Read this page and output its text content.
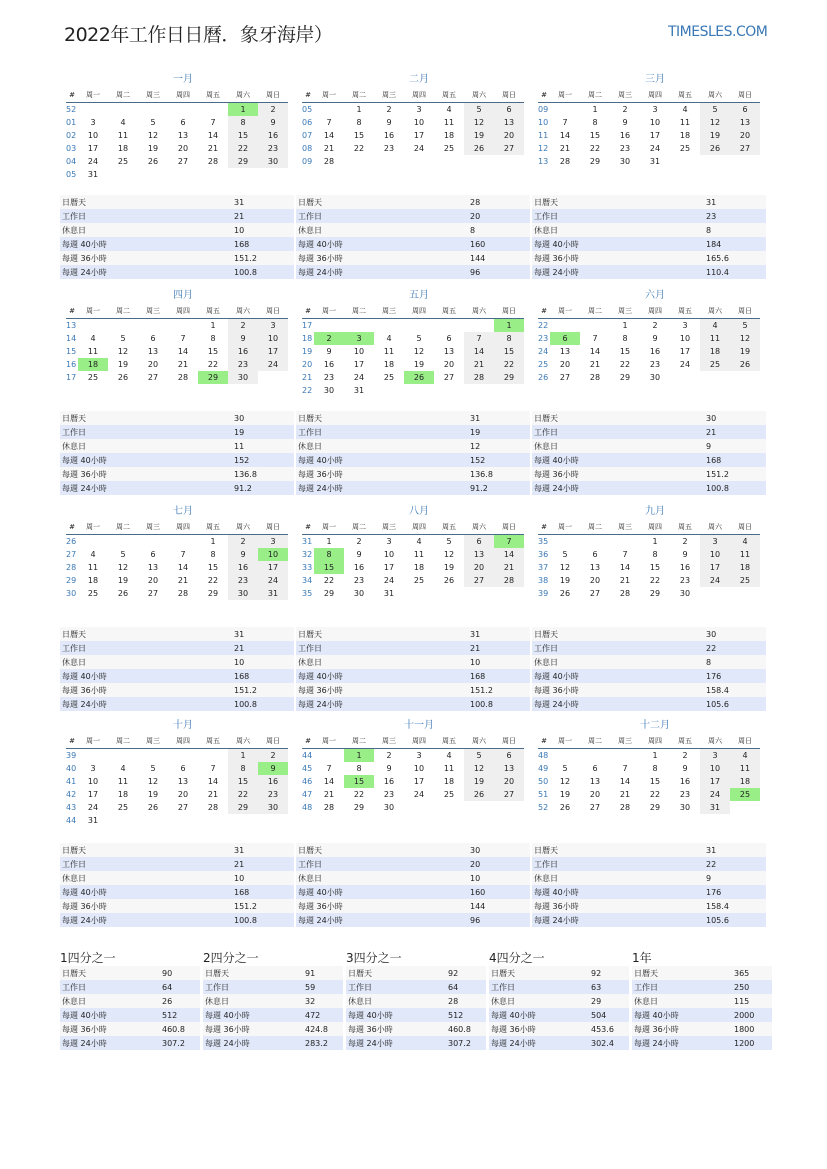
2022年工作日日曆．象牙海岸）	TIMESLES.COM
一月
#	周一	周二	周三	周四	周五	周六	周日
52						1	2
01	3	4	5	6	7	8	9
02	10	11	12	13	14	15	16
03	17	18	19	20	21	22	23
04	24	25	26	27	28	29	30
05	31						
日曆天	31
工作日	21
休息日	10
每週 40小時	168
每週 36小時	151.2
每週 24小時	100.8
二月
#	周一	周二	周三	周四	周五	周六	周日
05		1	2	3	4	5	6
06	7	8	9	10	11	12	13
07	14	15	16	17	18	19	20
08	21	22	23	24	25	26	27
09	28						
日曆天	28
工作日	20
休息日	8
每週 40小時	160
每週 36小時	144
每週 24小時	96
三月
#	周一	周二	周三	周四	周五	周六	周日
09		1	2	3	4	5	6
10	7	8	9	10	11	12	13
11	14	15	16	17	18	19	20
12	21	22	23	24	25	26	27
13	28	29	30	31			
日曆天	31
工作日	23
休息日	8
每週 40小時	184
每週 36小時	165.6
每週 24小時	110.4
四月
#	周一	周二	周三	周四	周五	周六	周日
13					1	2	3
14	4	5	6	7	8	9	10
15	11	12	13	14	15	16	17
16	18	19	20	21	22	23	24
17	25	26	27	28	29	30	
日曆天	30
工作日	19
休息日	11
每週 40小時	152
每週 36小時	136.8
每週 24小時	91.2
五月
#	周一	周二	周三	周四	周五	周六	周日
17							1
18	2	3	4	5	6	7	8
19	9	10	11	12	13	14	15
20	16	17	18	19	20	21	22
21	23	24	25	26	27	28	29
22	30	31					
日曆天	31
工作日	19
休息日	12
每週 40小時	152
每週 36小時	136.8
每週 24小時	91.2
六月
#	周一	周二	周三	周四	周五	周六	周日
22			1	2	3	4	5
23	6	7	8	9	10	11	12
24	13	14	15	16	17	18	19
25	20	21	22	23	24	25	26
26	27	28	29	30			
日曆天	30
工作日	21
休息日	9
每週 40小時	168
每週 36小時	151.2
每週 24小時	100.8
七月
#	周一	周二	周三	周四	周五	周六	周日
26					1	2	3
27	4	5	6	7	8	9	10
28	11	12	13	14	15	16	17
29	18	19	20	21	22	23	24
30	25	26	27	28	29	30	31
日曆天	31
工作日	21
休息日	10
每週 40小時	168
每週 36小時	151.2
每週 24小時	100.8
八月
#	周一	周二	周三	周四	周五	周六	周日
31	1	2	3	4	5	6	7
32	8	9	10	11	12	13	14
33	15	16	17	18	19	20	21
34	22	23	24	25	26	27	28
35	29	30	31				
日曆天	31
工作日	21
休息日	10
每週 40小時	168
每週 36小時	151.2
每週 24小時	100.8
九月
#	周一	周二	周三	周四	周五	周六	周日
35				1	2	3	4
36	5	6	7	8	9	10	11
37	12	13	14	15	16	17	18
38	19	20	21	22	23	24	25
39	26	27	28	29	30		
日曆天	30
工作日	22
休息日	8
每週 40小時	176
每週 36小時	158.4
每週 24小時	105.6
十月
#	周一	周二	周三	周四	周五	周六	周日
39						1	2
40	3	4	5	6	7	8	9
41	10	11	12	13	14	15	16
42	17	18	19	20	21	22	23
43	24	25	26	27	28	29	30
44	31						
日曆天	31
工作日	21
休息日	10
每週 40小時	168
每週 36小時	151.2
每週 24小時	100.8
十一月
#	周一	周二	周三	周四	周五	周六	周日
44		1	2	3	4	5	6
45	7	8	9	10	11	12	13
46	14	15	16	17	18	19	20
47	21	22	23	24	25	26	27
48	28	29	30				
日曆天	30
工作日	20
休息日	10
每週 40小時	160
每週 36小時	144
每週 24小時	96
十二月
#	周一	周二	周三	周四	周五	周六	周日
48				1	2	3	4
49	5	6	7	8	9	10	11
50	12	13	14	15	16	17	18
51	19	20	21	22	23	24	25
52	26	27	28	29	30	31	
日曆天	31
工作日	22
休息日	9
每週 40小時	176
每週 36小時	158.4
每週 24小時	105.6
1四分之一
日曆天	90
工作日	64
休息日	26
每週 40小時	512
每週 36小時	460.8
每週 24小時	307.2
2四分之一
日曆天	91
工作日	59
休息日	32
每週 40小時	472
每週 36小時	424.8
每週 24小時	283.2
3四分之一
日曆天	92
工作日	64
休息日	28
每週 40小時	512
每週 36小時	460.8
每週 24小時	307.2
4四分之一
日曆天	92
工作日	63
休息日	29
每週 40小時	504
每週 36小時	453.6
每週 24小時	302.4
1年
日曆天	365
工作日	250
休息日	115
每週 40小時	2000
每週 36小時	1800
每週 24小時	1200
